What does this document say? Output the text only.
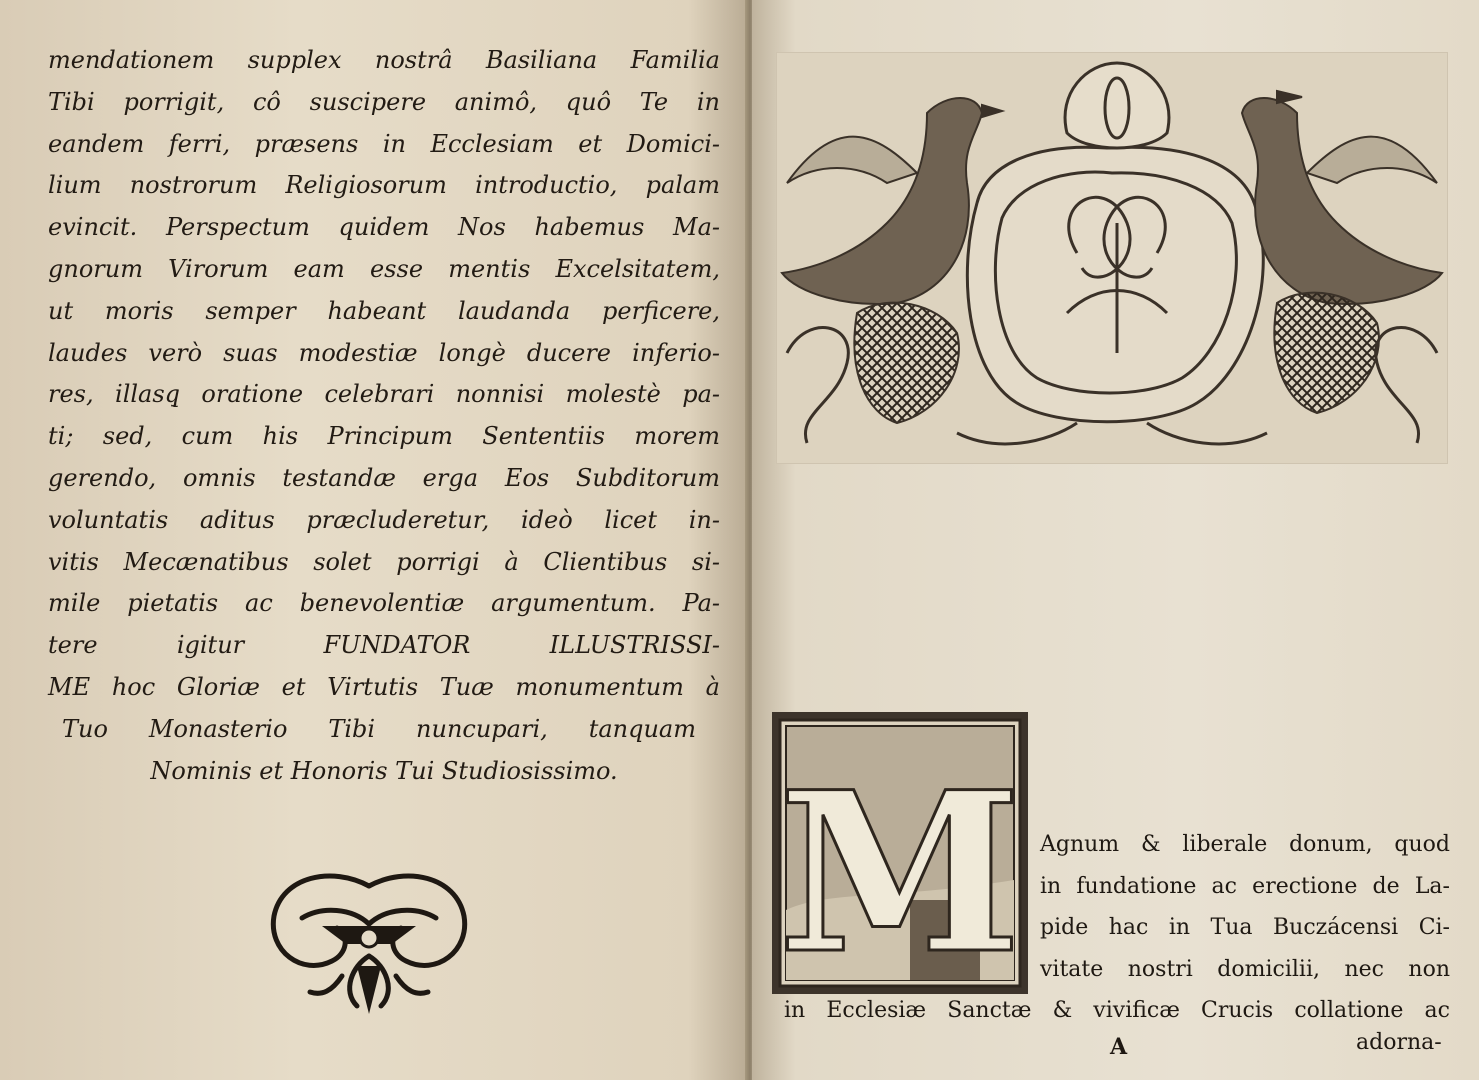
mendationem supplex nostrâ Basiliana Familia
Tibi porrigit, cô suscipere animô, quô Te in
eandem ferri, præsens in Ecclesiam et Domici-
lium nostrorum Religiosorum introductio, palam
evincit. Perspectum quidem Nos habemus Ma-
gnorum Virorum eam esse mentis Excelsitatem,
ut moris semper habeant laudanda perficere,
laudes verò suas modestiæ longè ducere inferio-
res, illasq̧ oratione celebrari nonnisi molestè pa-
ti; sed, cum his Principum Sententiis morem
gerendo, omnis testandæ erga Eos Subditorum
voluntatis aditus præcluderetur, ideò licet in-
vitis Mecænatibus solet porrigi à Clientibus si-
mile pietatis ac benevolentiæ argumentum. Pa-
tere igitur FUNDATOR ILLUSTRISSI-
ME hoc Gloriæ et Virtutis Tuæ monumentum à
Tuo Monasterio Tibi nuncupari, tanquam
Nominis et Honoris Tui Studiosissimo. M Agnum & liberale donum, quod
in fundatione ac erectione de La-
pide hac in Tua Buczácensi Ci-
vitate nostri domicilii, nec non
in Ecclesiæ Sanctæ & vivificæ Crucis collatione ac
A	adorna-
